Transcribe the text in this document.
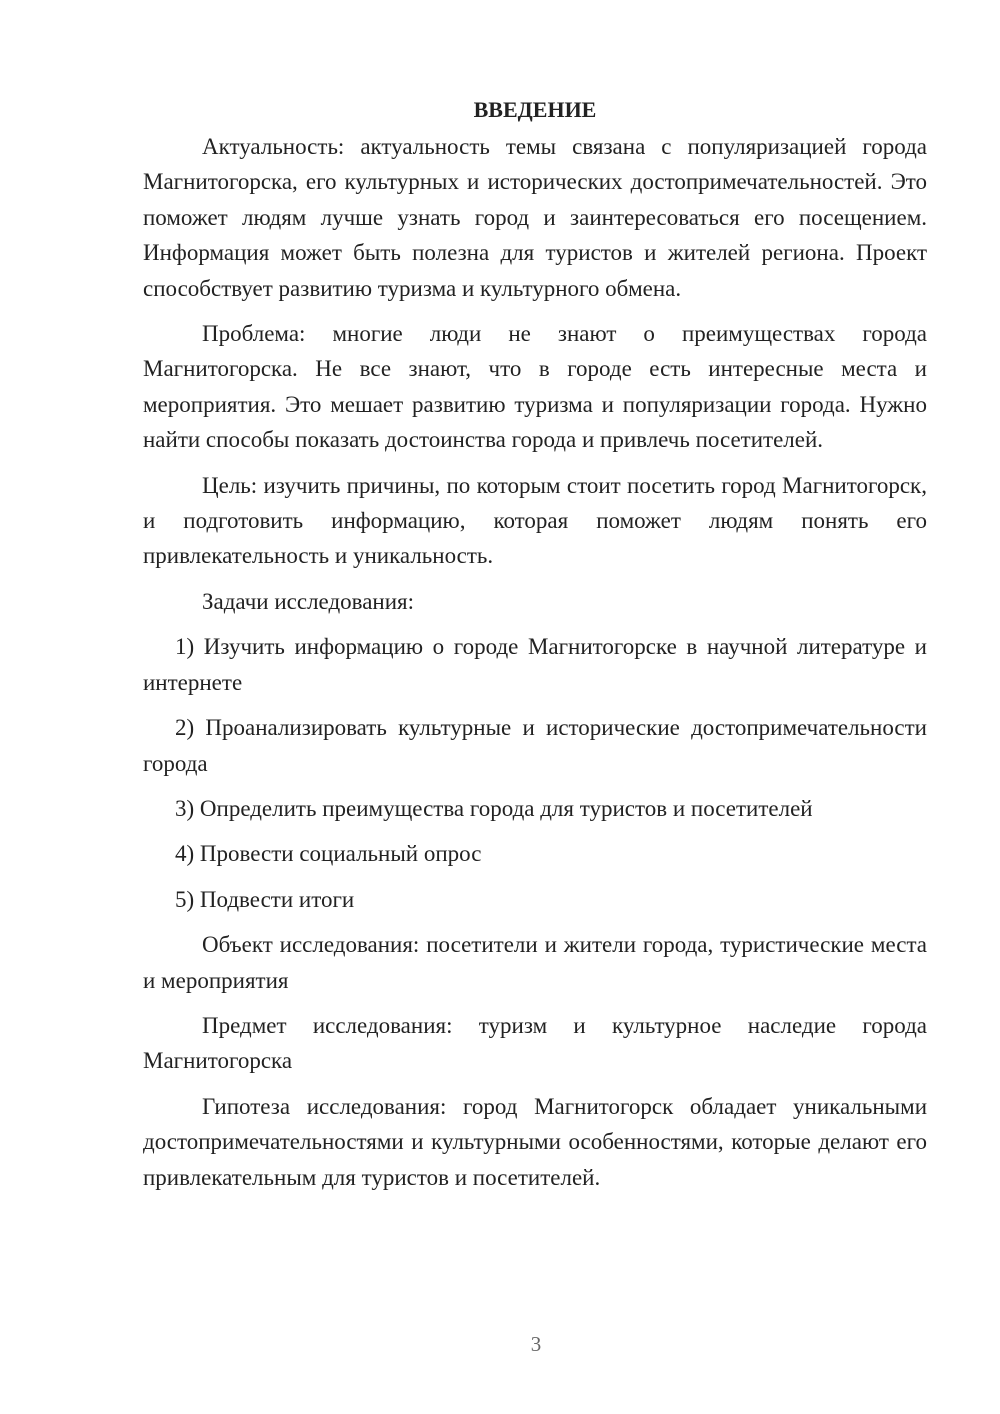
ВВЕДЕНИЕ

Актуальность: актуальность темы связана с популяризацией города Магнитогорска, его культурных и исторических достопримечательностей. Это поможет людям лучше узнать город и заинтересоваться его посещением. Информация может быть полезна для туристов и жителей региона. Проект способствует развитию туризма и культурного обмена.

Проблема: многие люди не знают о преимуществах города Магнитогорска. Не все знают, что в городе есть интересные места и мероприятия. Это мешает развитию туризма и популяризации города. Нужно найти способы показать достоинства города и привлечь посетителей.

Цель: изучить причины, по которым стоит посетить город Магнитогорск, и подготовить информацию, которая поможет людям понять его привлекательность и уникальность.

Задачи исследования:

1) Изучить информацию о городе Магнитогорске в научной литературе и интернете

2) Проанализировать культурные и исторические достопримечательности города

3) Определить преимущества города для туристов и посетителей

4) Провести социальный опрос

5) Подвести итоги

Объект исследования: посетители и жители города, туристические места и мероприятия

Предмет исследования: туризм и культурное наследие города Магнитогорска

Гипотеза исследования: город Магнитогорск обладает уникальными достопримечательностями и культурными особенностями, которые делают его привлекательным для туристов и посетителей.

3
